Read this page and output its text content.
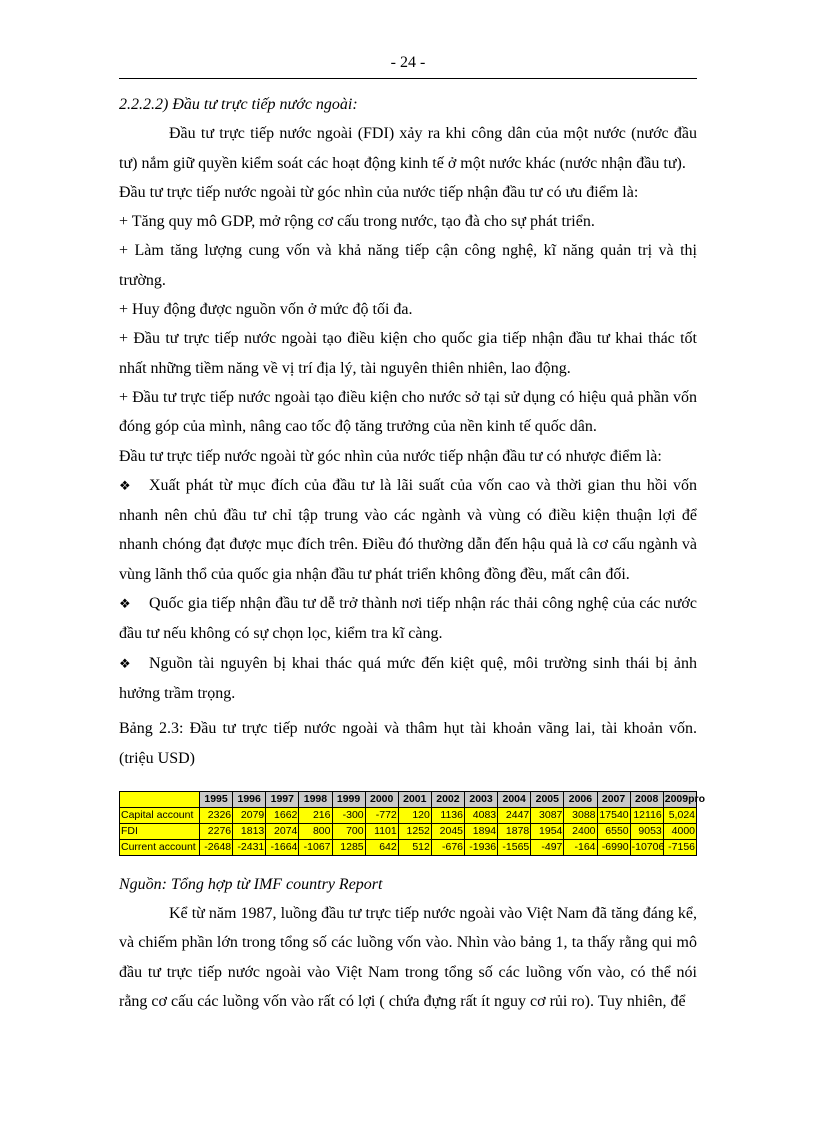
- 24 -

2.2.2.2) Đầu tư trực tiếp nước ngoài:

Đầu tư trực tiếp nước ngoài (FDI) xảy ra khi công dân của một nước (nước đầu tư) nắm giữ quyền kiểm soát các hoạt động kinh tế ở một nước khác (nước nhận đầu tư).

Đầu tư trực tiếp nước ngoài từ góc nhìn của nước tiếp nhận đầu tư có ưu điểm là:

+ Tăng quy mô GDP, mở rộng cơ cấu trong nước, tạo đà cho sự phát triển.

+ Làm tăng lượng cung vốn và khả năng tiếp cận công nghệ, kĩ năng quản trị và thị trường.

+ Huy động được nguồn vốn ở mức độ tối đa.

+ Đầu tư trực tiếp nước ngoài tạo điều kiện cho quốc gia tiếp nhận đầu tư khai thác tốt nhất những tiềm năng về vị trí địa lý, tài nguyên thiên nhiên, lao động.

+ Đầu tư trực tiếp nước ngoài tạo điều kiện cho nước sở tại sử dụng có hiệu quả phần vốn đóng góp của mình, nâng cao tốc độ tăng trưởng của nền kinh tế quốc dân.

Đầu tư trực tiếp nước ngoài từ góc nhìn của nước tiếp nhận đầu tư có nhược điểm là:

❖ Xuất phát từ mục đích của đầu tư là lãi suất của vốn cao và thời gian thu hồi vốn nhanh nên chủ đầu tư chỉ tập trung vào các ngành và vùng có điều kiện thuận lợi để nhanh chóng đạt được mục đích trên. Điều đó thường dẫn đến hậu quả là cơ cấu ngành và vùng lãnh thổ của quốc gia nhận đầu tư phát triển không đồng đều, mất cân đối.

❖ Quốc gia tiếp nhận đầu tư dễ trở thành nơi tiếp nhận rác thải công nghệ của các nước đầu tư nếu không có sự chọn lọc, kiểm tra kĩ càng.

❖ Nguồn tài nguyên bị khai thác quá mức đến kiệt quệ, môi trường sinh thái bị ảnh hưởng trầm trọng.

Bảng 2.3: Đầu tư trực tiếp nước ngoài và thâm hụt tài khoản vãng lai, tài khoản vốn. (triệu USD)

	1995	1996	1997	1998	1999	2000	2001	2002	2003	2004	2005	2006	2007	2008	2009pro
Capital account	2326	2079	1662	216	-300	-772	120	1136	4083	2447	3087	3088	17540	12116	5,024
FDI	2276	1813	2074	800	700	1101	1252	2045	1894	1878	1954	2400	6550	9053	4000
Current account	-2648	-2431	-1664	-1067	1285	642	512	-676	-1936	-1565	-497	-164	-6990	-10706	-7156

Nguồn: Tổng hợp từ IMF country Report

Kể từ năm 1987, luồng đầu tư trực tiếp nước ngoài vào Việt Nam đã tăng đáng kể, và chiếm phần lớn trong tổng số các luồng vốn vào. Nhìn vào bảng 1, ta thấy rằng qui mô đầu tư trực tiếp nước ngoài vào Việt Nam trong tổng số các luồng vốn vào, có thể nói rằng cơ cấu các luồng vốn vào rất có lợi ( chứa đựng rất ít nguy cơ rủi ro). Tuy nhiên, để
